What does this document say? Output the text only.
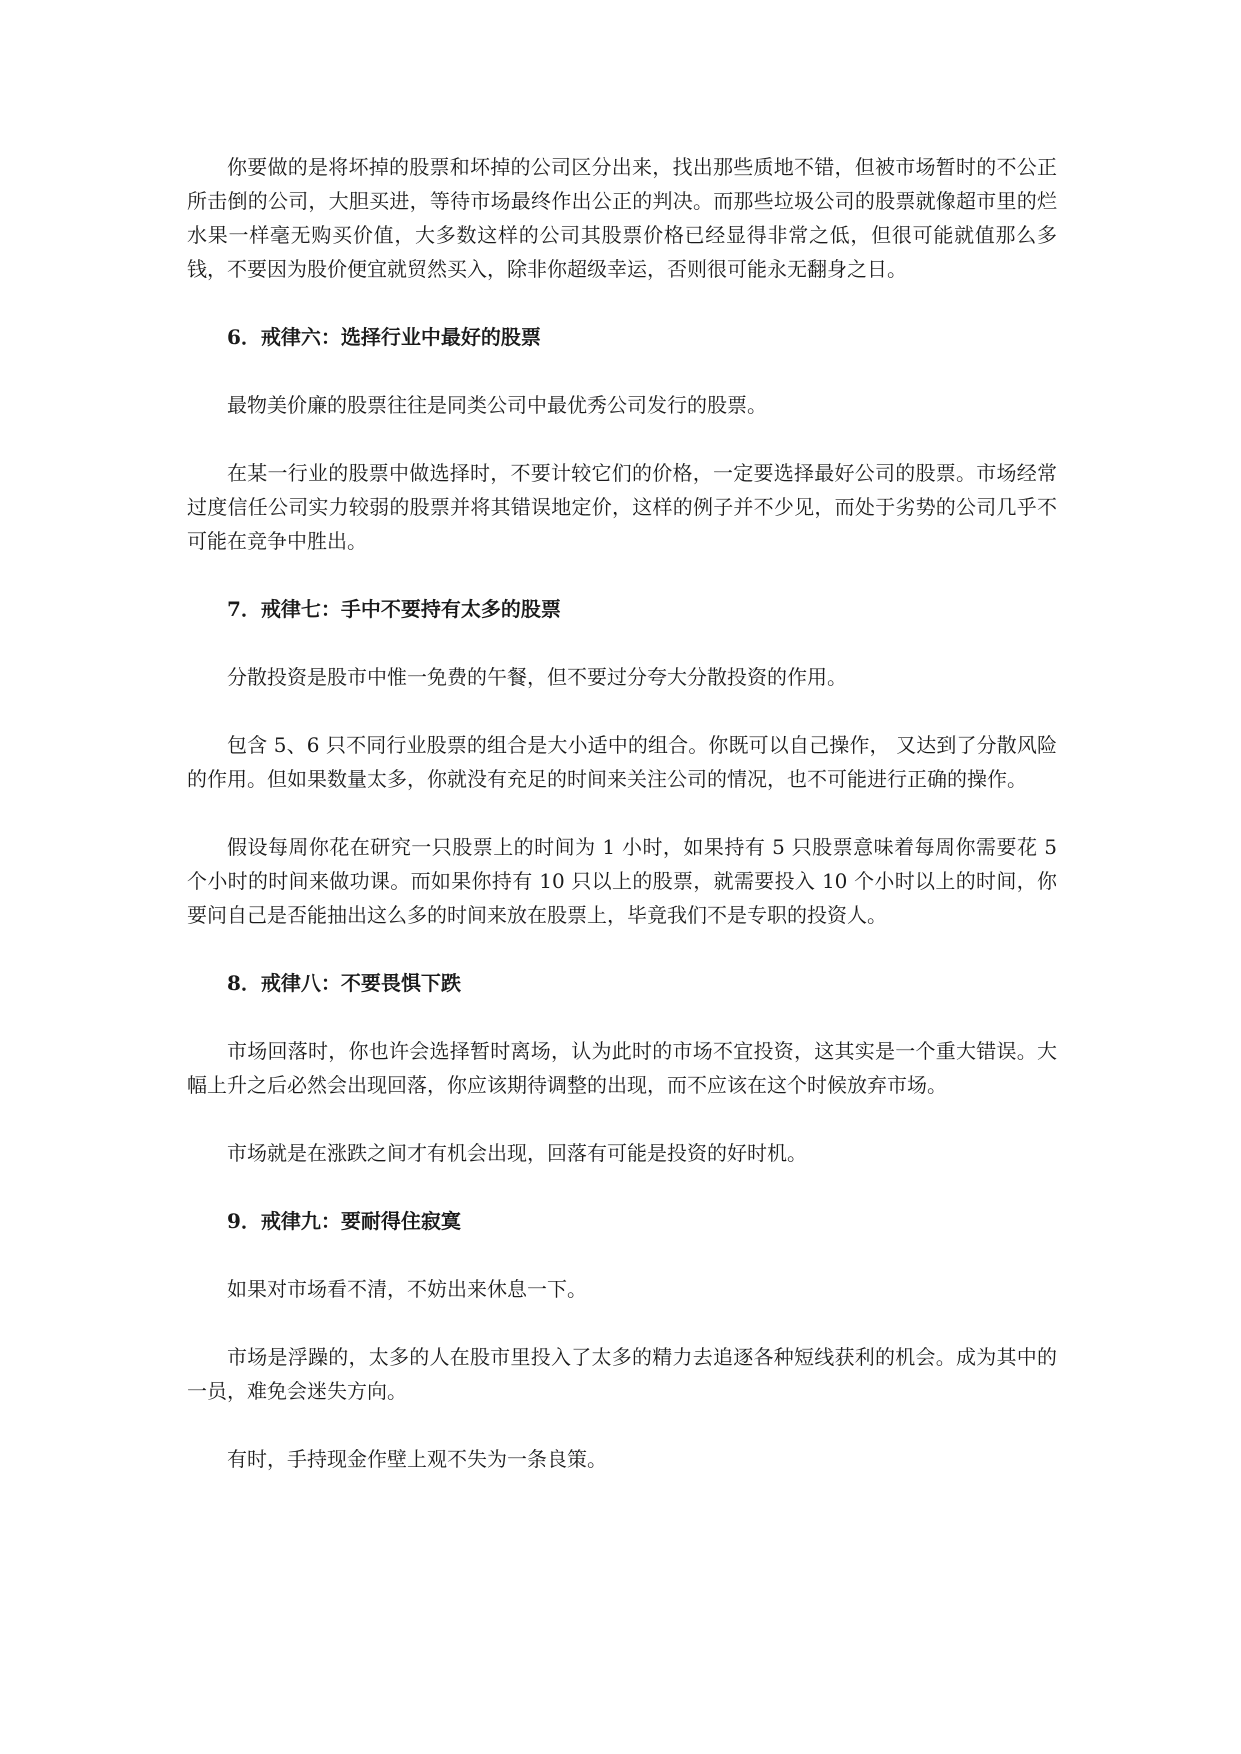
你要做的是将坏掉的股票和坏掉的公司区分出来，找出那些质地不错，但被市场暂时的不公正所击倒的公司，大胆买进，等待市场最终作出公正的判决。而那些垃圾公司的股票就像超市里的烂水果一样毫无购买价值，大多数这样的公司其股票价格已经显得非常之低，但很可能就值那么多钱，不要因为股价便宜就贸然买入，除非你超级幸运，否则很可能永无翻身之日。

6．戒律六：选择行业中最好的股票

最物美价廉的股票往往是同类公司中最优秀公司发行的股票。

在某一行业的股票中做选择时，不要计较它们的价格，一定要选择最好公司的股票。市场经常过度信任公司实力较弱的股票并将其错误地定价，这样的例子并不少见，而处于劣势的公司几乎不可能在竞争中胜出。

7．戒律七：手中不要持有太多的股票

分散投资是股市中惟一免费的午餐，但不要过分夸大分散投资的作用。

包含 5、6 只不同行业股票的组合是大小适中的组合。你既可以自己操作， 又达到了分散风险的作用。但如果数量太多，你就没有充足的时间来关注公司的情况，也不可能进行正确的操作。

假设每周你花在研究一只股票上的时间为 1 小时，如果持有 5 只股票意味着每周你需要花 5 个小时的时间来做功课。而如果你持有 10 只以上的股票，就需要投入 10 个小时以上的时间，你要问自己是否能抽出这么多的时间来放在股票上，毕竟我们不是专职的投资人。

8．戒律八：不要畏惧下跌

市场回落时，你也许会选择暂时离场，认为此时的市场不宜投资，这其实是一个重大错误。大幅上升之后必然会出现回落，你应该期待调整的出现，而不应该在这个时候放弃市场。

市场就是在涨跌之间才有机会出现，回落有可能是投资的好时机。

9．戒律九：要耐得住寂寞

如果对市场看不清，不妨出来休息一下。

市场是浮躁的，太多的人在股市里投入了太多的精力去追逐各种短线获利的机会。成为其中的一员，难免会迷失方向。

有时，手持现金作壁上观不失为一条良策。
